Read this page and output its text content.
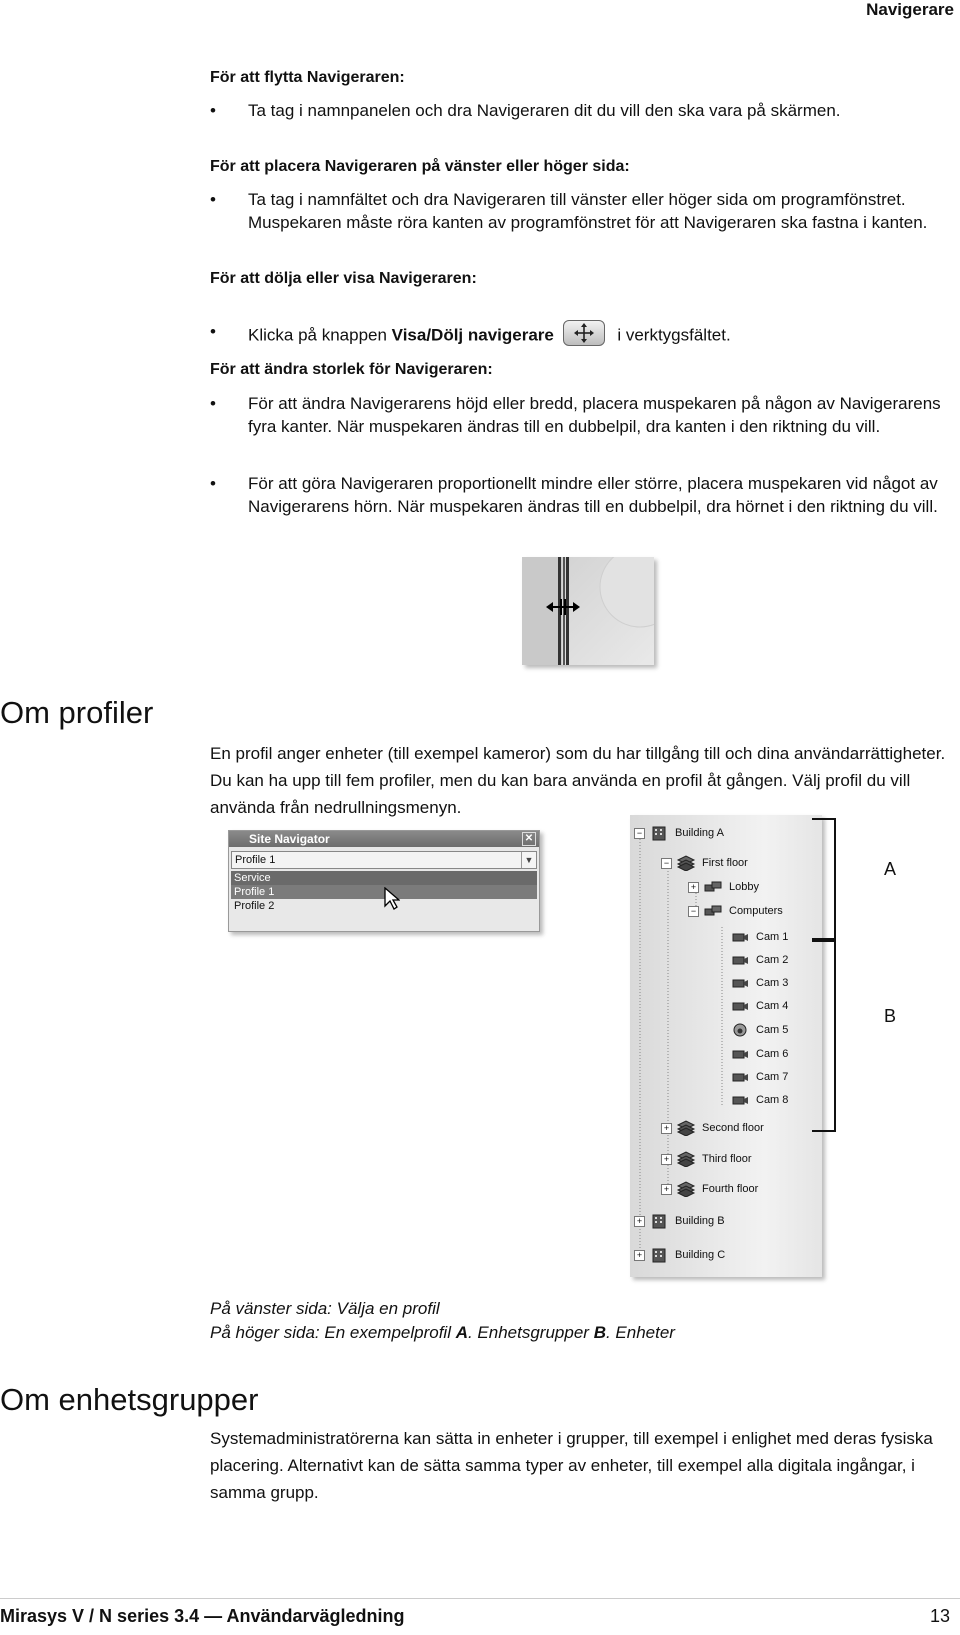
Navigerare
För att flytta Navigeraren:
•	Ta tag i namnpanelen och dra Navigeraren dit du vill den ska vara på skärmen.
För att placera Navigeraren på vänster eller höger sida:
•	Ta tag i namnfältet och dra Navigeraren till vänster eller höger sida om programfönstret. Muspekaren måste röra kanten av programfönstret för att Navigeraren ska fastna i kanten.
För att dölja eller visa Navigeraren:
•	Klicka på knappen Visa/Dölj navigerare	i verktygsfältet.
För att ändra storlek för Navigeraren:
•	För att ändra Navigerarens höjd eller bredd, placera muspekaren på någon av Navigerarens fyra kanter. När muspekaren ändras till en dubbelpil, dra kanten i den riktning du vill.
•	För att göra Navigeraren proportionellt mindre eller större, placera muspekaren vid något av Navigerarens hörn. När muspekaren ändras till en dubbelpil, dra hörnet i den riktning du vill.
Om profiler
En profil anger enheter (till exempel kameror) som du har tillgång till och dina användarrättigheter. Du kan ha upp till fem profiler, men du kan bara använda en profil åt gången. Välj profil du vill använda från nedrullningsmenyn.
Site Navigator	✕
Profile 1	▼
Service
Profile 1
Profile 2
−	Building A
−	First floor
+	Lobby
−	Computers
Cam 1
Cam 2
Cam 3
Cam 4
Cam 5
Cam 6
Cam 7
Cam 8
+	Second floor
+	Third floor
+	Fourth floor
+	Building B
+	Building C
A
B
På vänster sida: Välja en profil
På höger sida: En exempelprofil A. Enhetsgrupper B. Enheter
Om enhetsgrupper
Systemadministratörerna kan sätta in enheter i grupper, till exempel i enlighet med deras fysiska placering. Alternativt kan de sätta samma typer av enheter, till exempel alla digitala ingångar, i samma grupp.
Mirasys V / N series 3.4 — Användarvägledning	13
